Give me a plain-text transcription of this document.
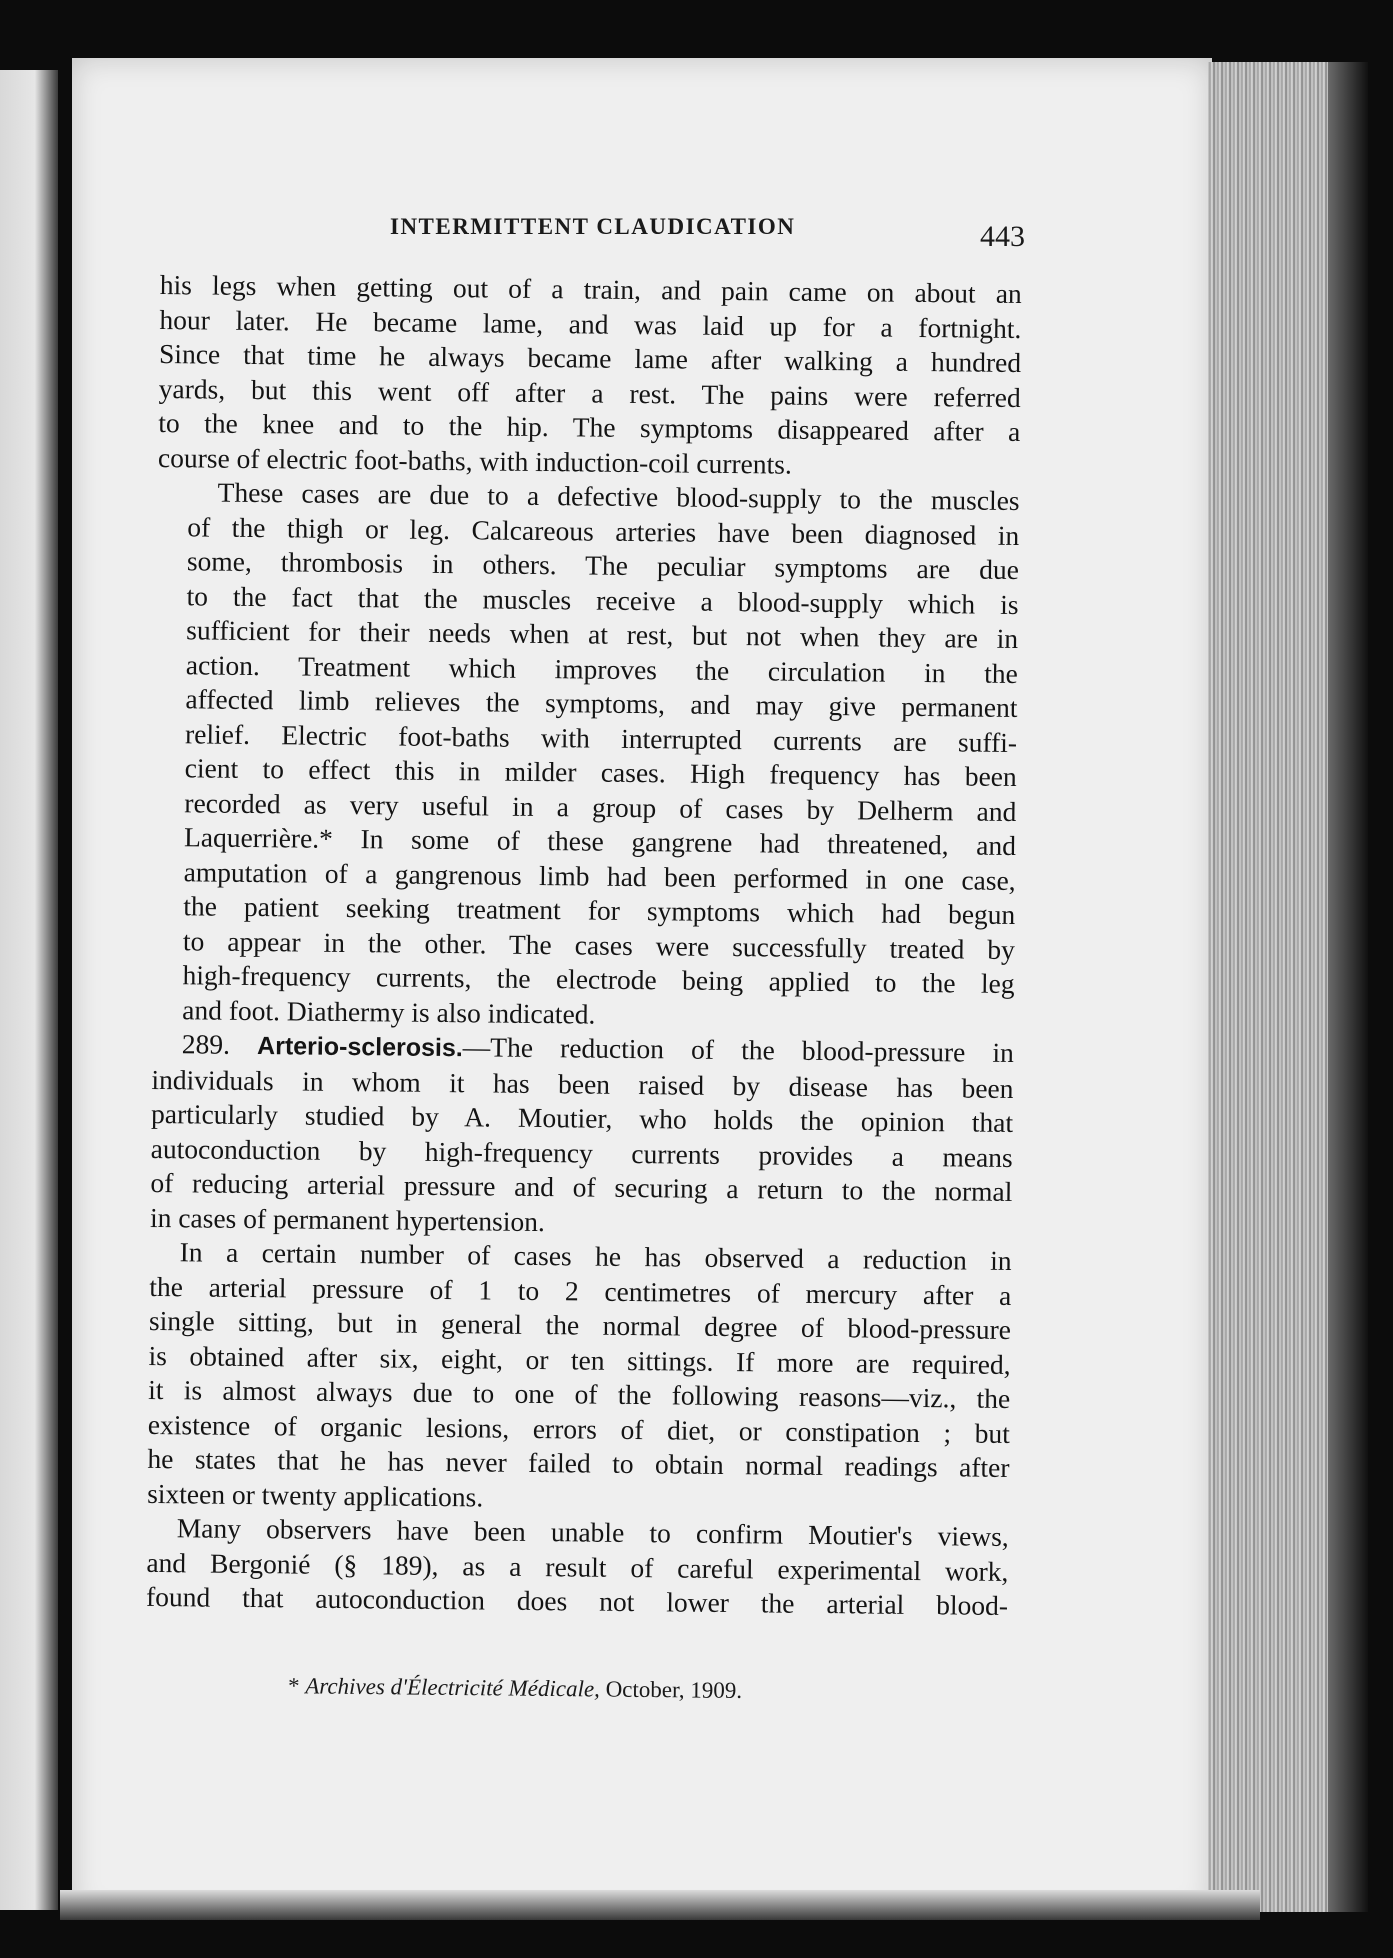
INTERMITTENT CLAUDICATION	443

his legs when getting out of a train, and pain came on about an
hour later. He became lame, and was laid up for a fortnight.
Since that time he always became lame after walking a hundred
yards, but this went off after a rest. The pains were referred
to the knee and to the hip. The symptoms disappeared after a
course of electric foot-baths, with induction-coil currents.

These cases are due to a defective blood-supply to the muscles
of the thigh or leg. Calcareous arteries have been diagnosed in
some, thrombosis in others. The peculiar symptoms are due
to the fact that the muscles receive a blood-supply which is
sufficient for their needs when at rest, but not when they are in
action. Treatment which improves the circulation in the
affected limb relieves the symptoms, and may give permanent
relief. Electric foot-baths with interrupted currents are suffi-
cient to effect this in milder cases. High frequency has been
recorded as very useful in a group of cases by Delherm and
Laquerrière.* In some of these gangrene had threatened, and
amputation of a gangrenous limb had been performed in one case,
the patient seeking treatment for symptoms which had begun
to appear in the other. The cases were successfully treated by
high-frequency currents, the electrode being applied to the leg
and foot. Diathermy is also indicated.

289. Arterio-sclerosis.—The reduction of the blood-pressure in
individuals in whom it has been raised by disease has been
particularly studied by A. Moutier, who holds the opinion that
autoconduction by high-frequency currents provides a means
of reducing arterial pressure and of securing a return to the normal
in cases of permanent hypertension.

In a certain number of cases he has observed a reduction in
the arterial pressure of 1 to 2 centimetres of mercury after a
single sitting, but in general the normal degree of blood-pressure
is obtained after six, eight, or ten sittings. If more are required,
it is almost always due to one of the following reasons—viz., the
existence of organic lesions, errors of diet, or constipation ; but
he states that he has never failed to obtain normal readings after
sixteen or twenty applications.

Many observers have been unable to confirm Moutier's views,
and Bergonié (§ 189), as a result of careful experimental work,
found that autoconduction does not lower the arterial blood-

* Archives d'Électricité Médicale, October, 1909.
